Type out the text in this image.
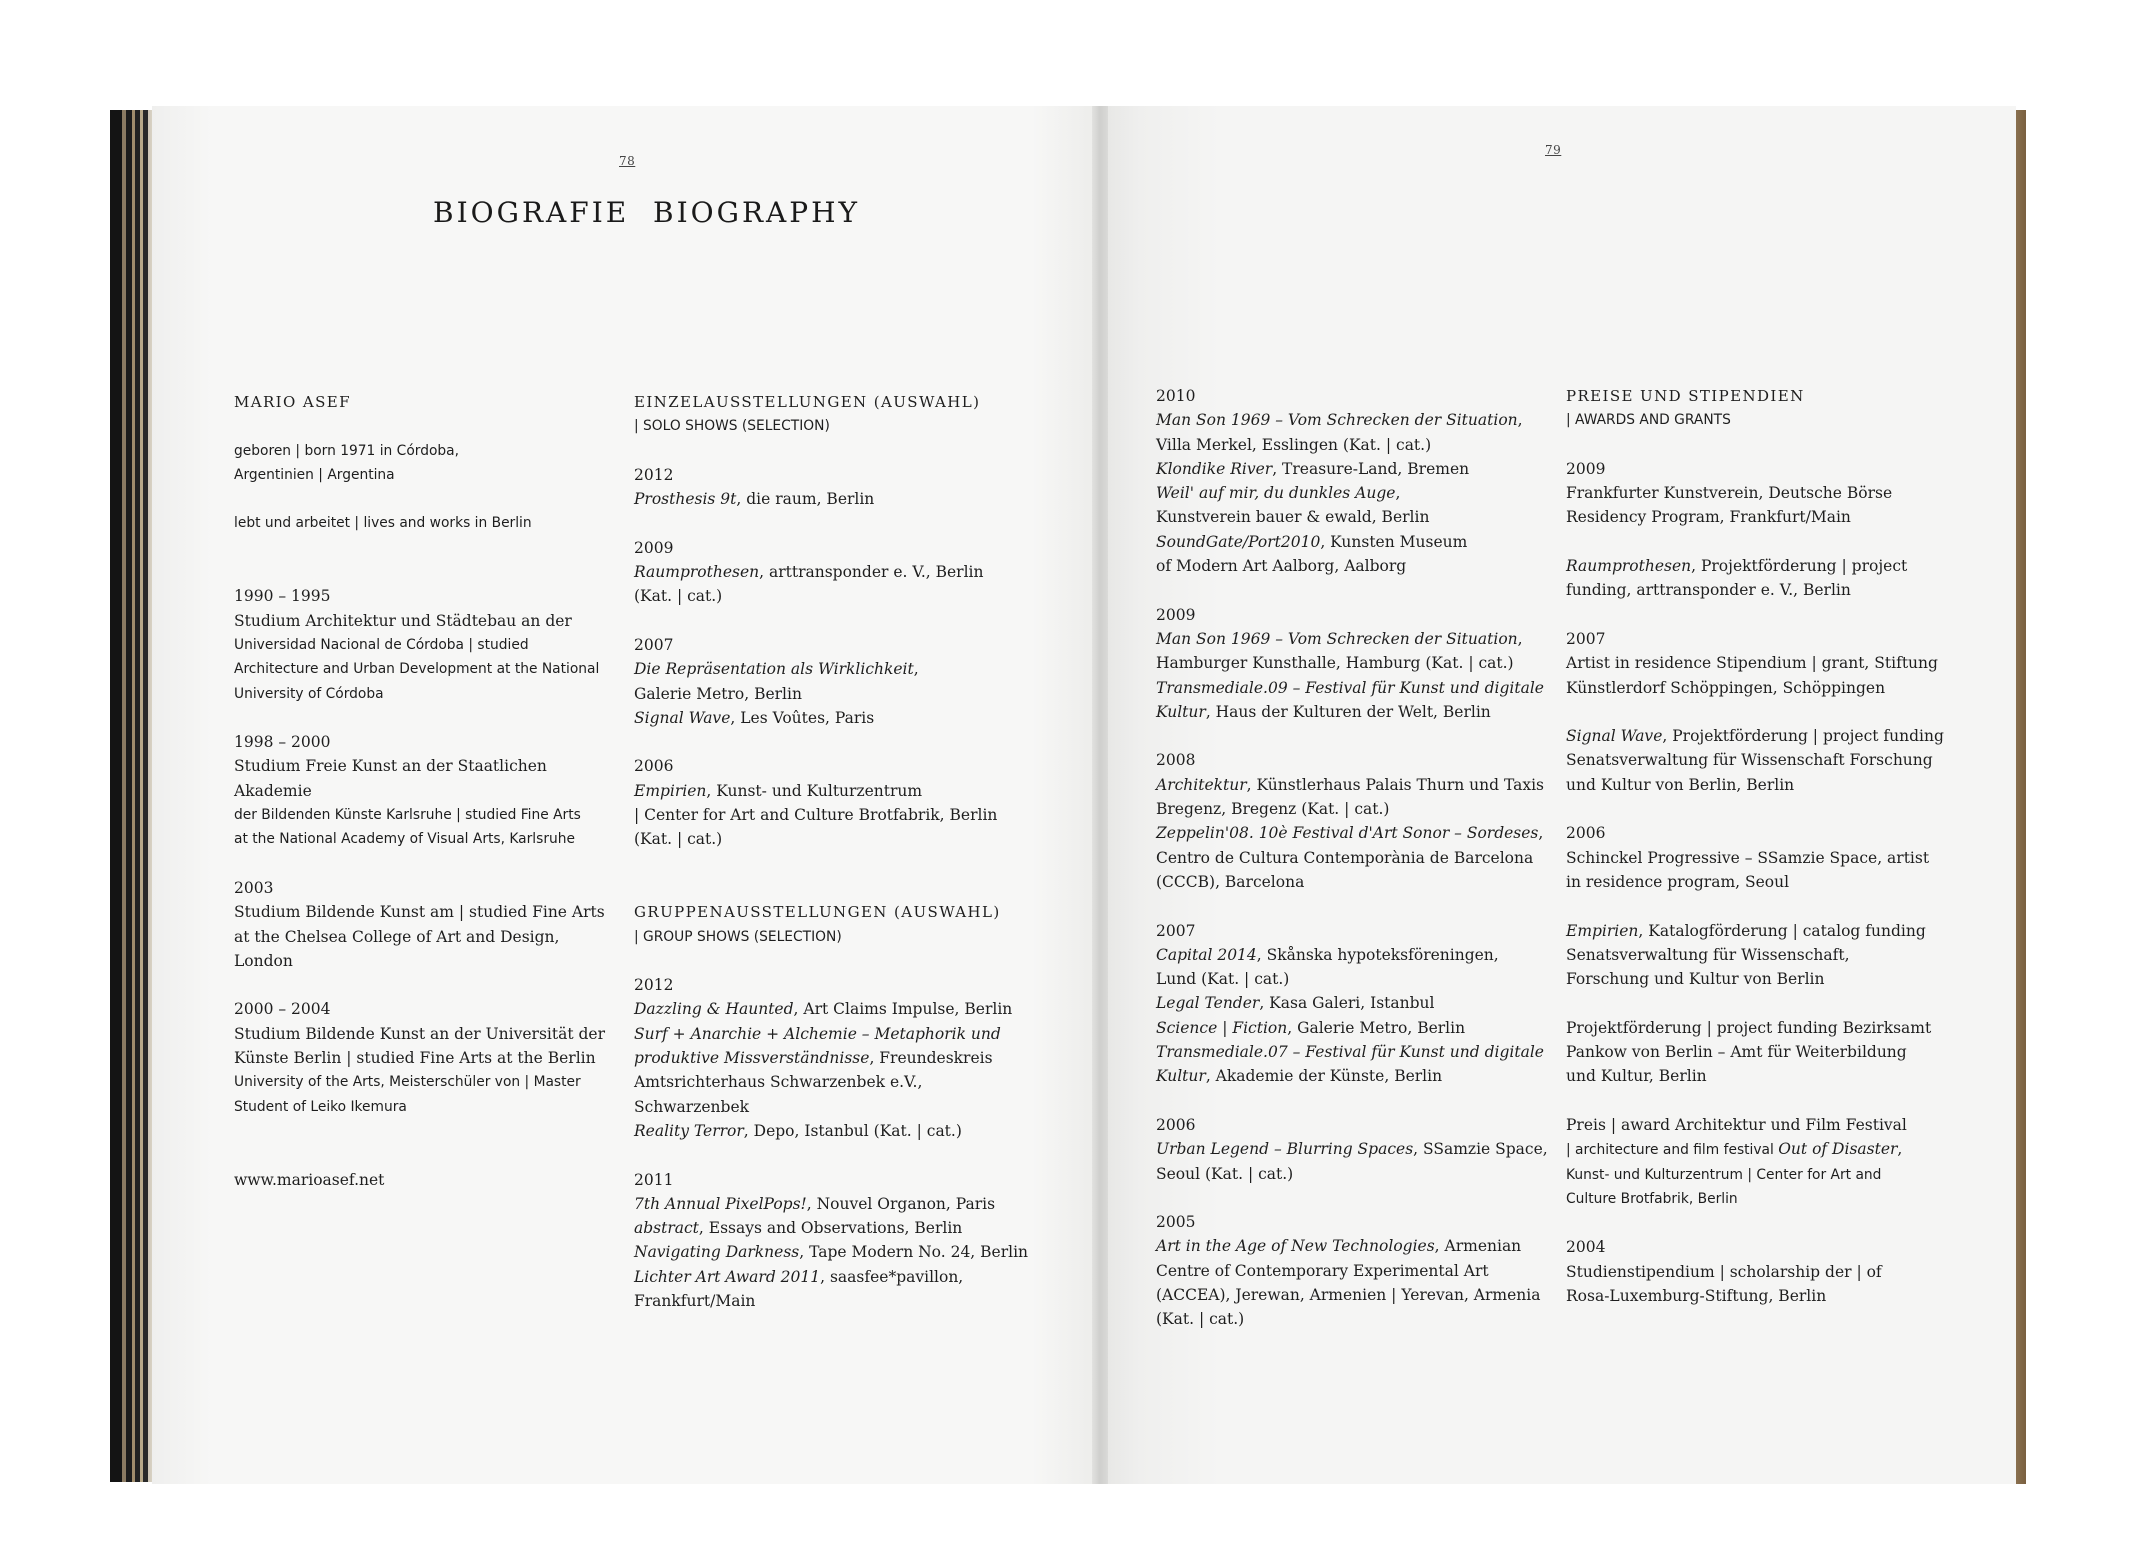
78
79
BIOGRAFIE  BIOGRAPHY
MARIO ASEF
geboren | born 1971 in Córdoba,
Argentinien | Argentina
lebt und arbeitet | lives and works in Berlin
1990 – 1995
Studium Architektur und Städtebau an der
Universidad Nacional de Córdoba | studied
Architecture and Urban Development at the National
University of Córdoba
1998 – 2000
Studium Freie Kunst an der Staatlichen Akademie
der Bildenden Künste Karlsruhe | studied Fine Arts
at the National Academy of Visual Arts, Karlsruhe
2003
Studium Bildende Kunst am | studied Fine Arts
at the Chelsea College of Art and Design, London
2000 – 2004
Studium Bildende Kunst an der Universität der
Künste Berlin | studied Fine Arts at the Berlin
University of the Arts, Meisterschüler von | Master
Student of Leiko Ikemura
www.marioasef.net
EINZELAUSSTELLUNGEN (AUSWAHL)
| SOLO SHOWS (SELECTION)
2012
Prosthesis 9t, die raum, Berlin
2009
Raumprothesen, arttransponder e. V., Berlin
(Kat. | cat.)
2007
Die Repräsentation als Wirklichkeit,
Galerie Metro, Berlin
Signal Wave, Les Voûtes, Paris
2006
Empirien, Kunst- und Kulturzentrum
| Center for Art and Culture Brotfabrik, Berlin
(Kat. | cat.)
GRUPPENAUSSTELLUNGEN (AUSWAHL)
| GROUP SHOWS (SELECTION)
2012
Dazzling & Haunted, Art Claims Impulse, Berlin
Surf + Anarchie + Alchemie – Metaphorik und
produktive Missverständnisse, Freundeskreis
Amtsrichterhaus Schwarzenbek e.V.,
Schwarzenbek
Reality Terror, Depo, Istanbul (Kat. | cat.)
2011
7th Annual PixelPops!, Nouvel Organon, Paris
abstract, Essays and Observations, Berlin
Navigating Darkness, Tape Modern No. 24, Berlin
Lichter Art Award 2011, saasfee*pavillon,
Frankfurt/Main
2010
Man Son 1969 – Vom Schrecken der Situation,
Villa Merkel, Esslingen (Kat. | cat.)
Klondike River, Treasure-Land, Bremen
Weil' auf mir, du dunkles Auge,
Kunstverein bauer & ewald, Berlin
SoundGate/Port2010, Kunsten Museum
of Modern Art Aalborg, Aalborg
2009
Man Son 1969 – Vom Schrecken der Situation,
Hamburger Kunsthalle, Hamburg (Kat. | cat.)
Transmediale.09 – Festival für Kunst und digitale
Kultur, Haus der Kulturen der Welt, Berlin
2008
Architektur, Künstlerhaus Palais Thurn und Taxis
Bregenz, Bregenz (Kat. | cat.)
Zeppelin'08. 10è Festival d'Art Sonor – Sordeses,
Centro de Cultura Contemporània de Barcelona
(CCCB), Barcelona
2007
Capital 2014, Skånska hypoteksföreningen,
Lund (Kat. | cat.)
Legal Tender, Kasa Galeri, Istanbul
Science | Fiction, Galerie Metro, Berlin
Transmediale.07 – Festival für Kunst und digitale
Kultur, Akademie der Künste, Berlin
2006
Urban Legend – Blurring Spaces, SSamzie Space,
Seoul (Kat. | cat.)
2005
Art in the Age of New Technologies, Armenian
Centre of Contemporary Experimental Art
(ACCEA), Jerewan, Armenien | Yerevan, Armenia
(Kat. | cat.)
PREISE UND STIPENDIEN
| AWARDS AND GRANTS
2009
Frankfurter Kunstverein, Deutsche Börse
Residency Program, Frankfurt/Main
Raumprothesen, Projektförderung | project
funding, arttransponder e. V., Berlin
2007
Artist in residence Stipendium | grant, Stiftung
Künstlerdorf Schöppingen, Schöppingen
Signal Wave, Projektförderung | project funding
Senatsverwaltung für Wissenschaft Forschung
und Kultur von Berlin, Berlin
2006
Schinckel Progressive – SSamzie Space, artist
in residence program, Seoul
Empirien, Katalogförderung | catalog funding
Senatsverwaltung für Wissenschaft,
Forschung und Kultur von Berlin
Projektförderung | project funding Bezirksamt
Pankow von Berlin – Amt für Weiterbildung
und Kultur, Berlin
Preis | award Architektur und Film Festival
| architecture and film festival Out of Disaster,
Kunst- und Kulturzentrum | Center for Art and
Culture Brotfabrik, Berlin
2004
Studienstipendium | scholarship der | of
Rosa-Luxemburg-Stiftung, Berlin
